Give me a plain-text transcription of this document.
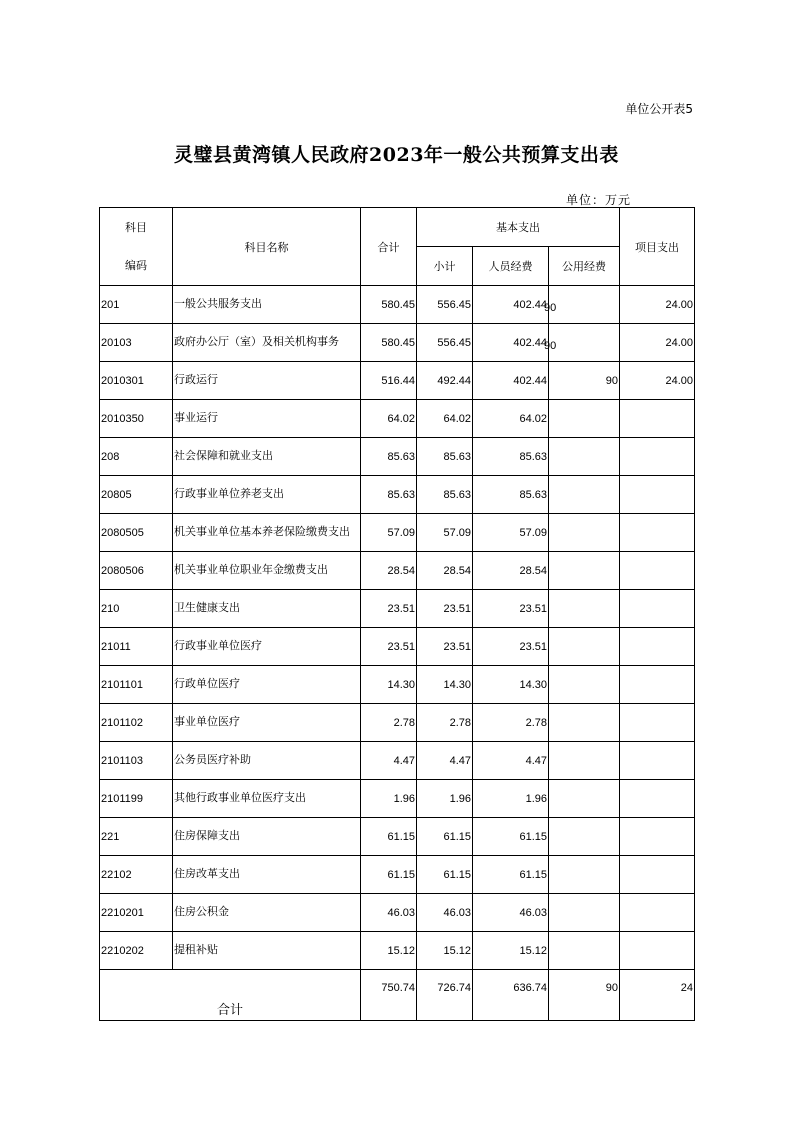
单位公开表5
灵璧县黄湾镇人民政府2023年一般公共预算支出表
单位：万元
科目
编码	科目名称	合计	基本支出			项目支出
			小计	人员经费	公用经费	
201	一般公共服务支出	580.45	556.45	402.44	90	24.00
20103	政府办公厅（室）及相关机构事务	580.45	556.45	402.44	90	24.00
2010301	行政运行	516.44	492.44	402.44	90	24.00
2010350	事业运行	64.02	64.02	64.02		
208	社会保障和就业支出	85.63	85.63	85.63		
20805	行政事业单位养老支出	85.63	85.63	85.63		
2080505	机关事业单位基本养老保险缴费支出	57.09	57.09	57.09		
2080506	机关事业单位职业年金缴费支出	28.54	28.54	28.54		
210	卫生健康支出	23.51	23.51	23.51		
21011	行政事业单位医疗	23.51	23.51	23.51		
2101101	行政单位医疗	14.30	14.30	14.30		
2101102	事业单位医疗	2.78	2.78	2.78		
2101103	公务员医疗补助	4.47	4.47	4.47		
2101199	其他行政事业单位医疗支出	1.96	1.96	1.96		
221	住房保障支出	61.15	61.15	61.15		
22102	住房改革支出	61.15	61.15	61.15		
2210201	住房公积金	46.03	46.03	46.03		
2210202	提租补贴	15.12	15.12	15.12		
合计		750.74	726.74	636.74	90	24
